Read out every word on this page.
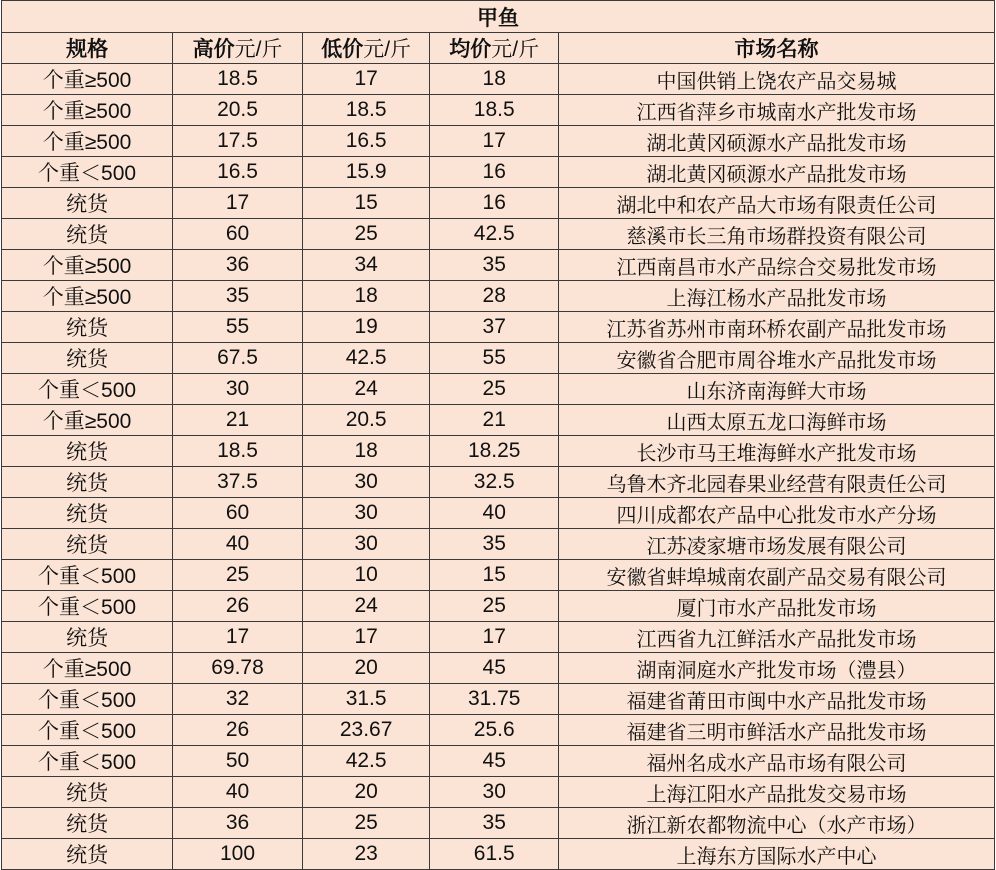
甲鱼				
规格	高价元/斤	低价元/斤	均价元/斤	市场名称
个重≥500	18.5	17	18	中国供销上饶农产品交易城
个重≥500	20.5	18.5	18.5	江西省萍乡市城南水产批发市场
个重≥500	17.5	16.5	17	湖北黄冈硕源水产品批发市场
个重＜500	16.5	15.9	16	湖北黄冈硕源水产品批发市场
统货	17	15	16	湖北中和农产品大市场有限责任公司
统货	60	25	42.5	慈溪市长三角市场群投资有限公司
个重≥500	36	34	35	江西南昌市水产品综合交易批发市场
个重≥500	35	18	28	上海江杨水产品批发市场
统货	55	19	37	江苏省苏州市南环桥农副产品批发市场
统货	67.5	42.5	55	安徽省合肥市周谷堆水产品批发市场
个重＜500	30	24	25	山东济南海鲜大市场
个重≥500	21	20.5	21	山西太原五龙口海鲜市场
统货	18.5	18	18.25	长沙市马王堆海鲜水产批发市场
统货	37.5	30	32.5	乌鲁木齐北园春果业经营有限责任公司
统货	60	30	40	四川成都农产品中心批发市水产分场
统货	40	30	35	江苏凌家塘市场发展有限公司
个重＜500	25	10	15	安徽省蚌埠城南农副产品交易有限公司
个重＜500	26	24	25	厦门市水产品批发市场
统货	17	17	17	江西省九江鲜活水产品批发市场
个重≥500	69.78	20	45	湖南洞庭水产批发市场（澧县）
个重＜500	32	31.5	31.75	福建省莆田市闽中水产品批发市场
个重＜500	26	23.67	25.6	福建省三明市鲜活水产品批发市场
个重＜500	50	42.5	45	福州名成水产品市场有限公司
统货	40	20	30	上海江阳水产品批发交易市场
统货	36	25	35	浙江新农都物流中心（水产市场）
统货	100	23	61.5	上海东方国际水产中心
